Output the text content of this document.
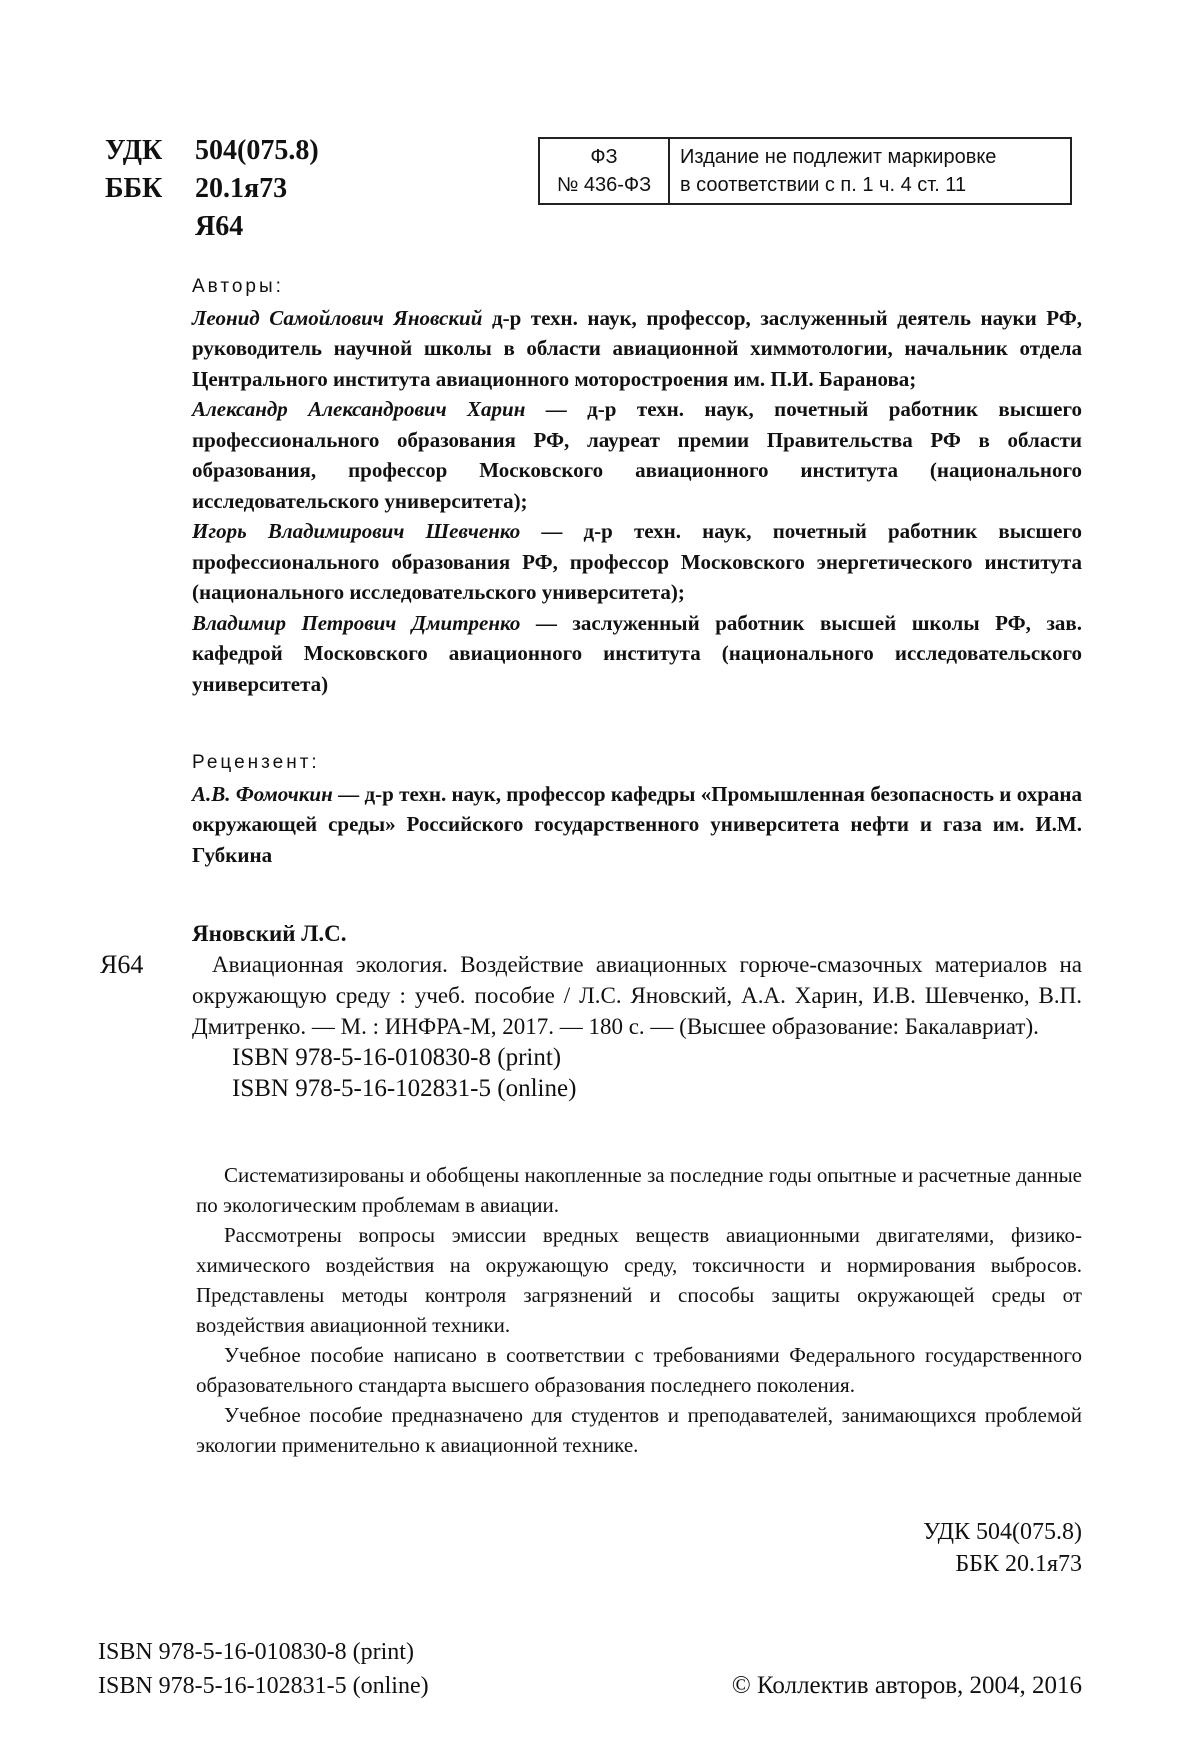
УДК	504(075.8)
ББК	20.1я73
Я64
ФЗ
№ 436-ФЗ

Издание не подлежит маркировке
в соответствии с п. 1 ч. 4 ст. 11
Авторы:
Леонид Самойлович Яновский д-р техн. наук, профессор, заслуженный деятель науки РФ, руководитель научной школы в области авиационной химмотологии, начальник отдела Центрального института авиационного моторостроения им. П.И. Баранова;
Александр Александрович Харин — д-р техн. наук, почетный работник высшего профессионального образования РФ, лауреат премии Правительства РФ в области образования, профессор Московского авиационного института (национального исследовательского университета);
Игорь Владимирович Шевченко — д-р техн. наук, почетный работник высшего профессионального образования РФ, профессор Московского энергетического института (национального исследовательского университета);
Владимир Петрович Дмитренко — заслуженный работник высшей школы РФ, зав. кафедрой Московского авиационного института (национального исследовательского университета)
Рецензент:
А.В. Фомочкин — д-р техн. наук, профессор кафедры «Промышленная безопасность и охрана окружающей среды» Российского государственного университета нефти и газа им. И.М. Губкина
Яновский Л.С.
Я64	Авиационная экология. Воздействие авиационных горюче-смазочных материалов на окружающую среду : учеб. пособие / Л.С. Яновский, А.А. Харин, И.В. Шевченко, В.П. Дмитренко. — М. : ИНФРА-М, 2017. — 180 с. — (Высшее образование: Бакалавриат).
ISBN 978-5-16-010830-8 (print)
ISBN 978-5-16-102831-5 (online)

Систематизированы и обобщены накопленные за последние годы опытные и расчетные данные по экологическим проблемам в авиации.

Рассмотрены вопросы эмиссии вредных веществ авиационными двигателями, физико-химического воздействия на окружающую среду, токсичности и нормирования выбросов. Представлены методы контроля загрязнений и способы защиты окружающей среды от воздействия авиационной техники.

Учебное пособие написано в соответствии с требованиями Федерального государственного образовательного стандарта высшего образования последнего поколения.

Учебное пособие предназначено для студентов и преподавателей, занимающихся проблемой экологии применительно к авиационной технике.

УДК 504(075.8)
ББК 20.1я73
ISBN 978-5-16-010830-8 (print)
ISBN 978-5-16-102831-5 (online)	© Коллектив авторов, 2004, 2016
